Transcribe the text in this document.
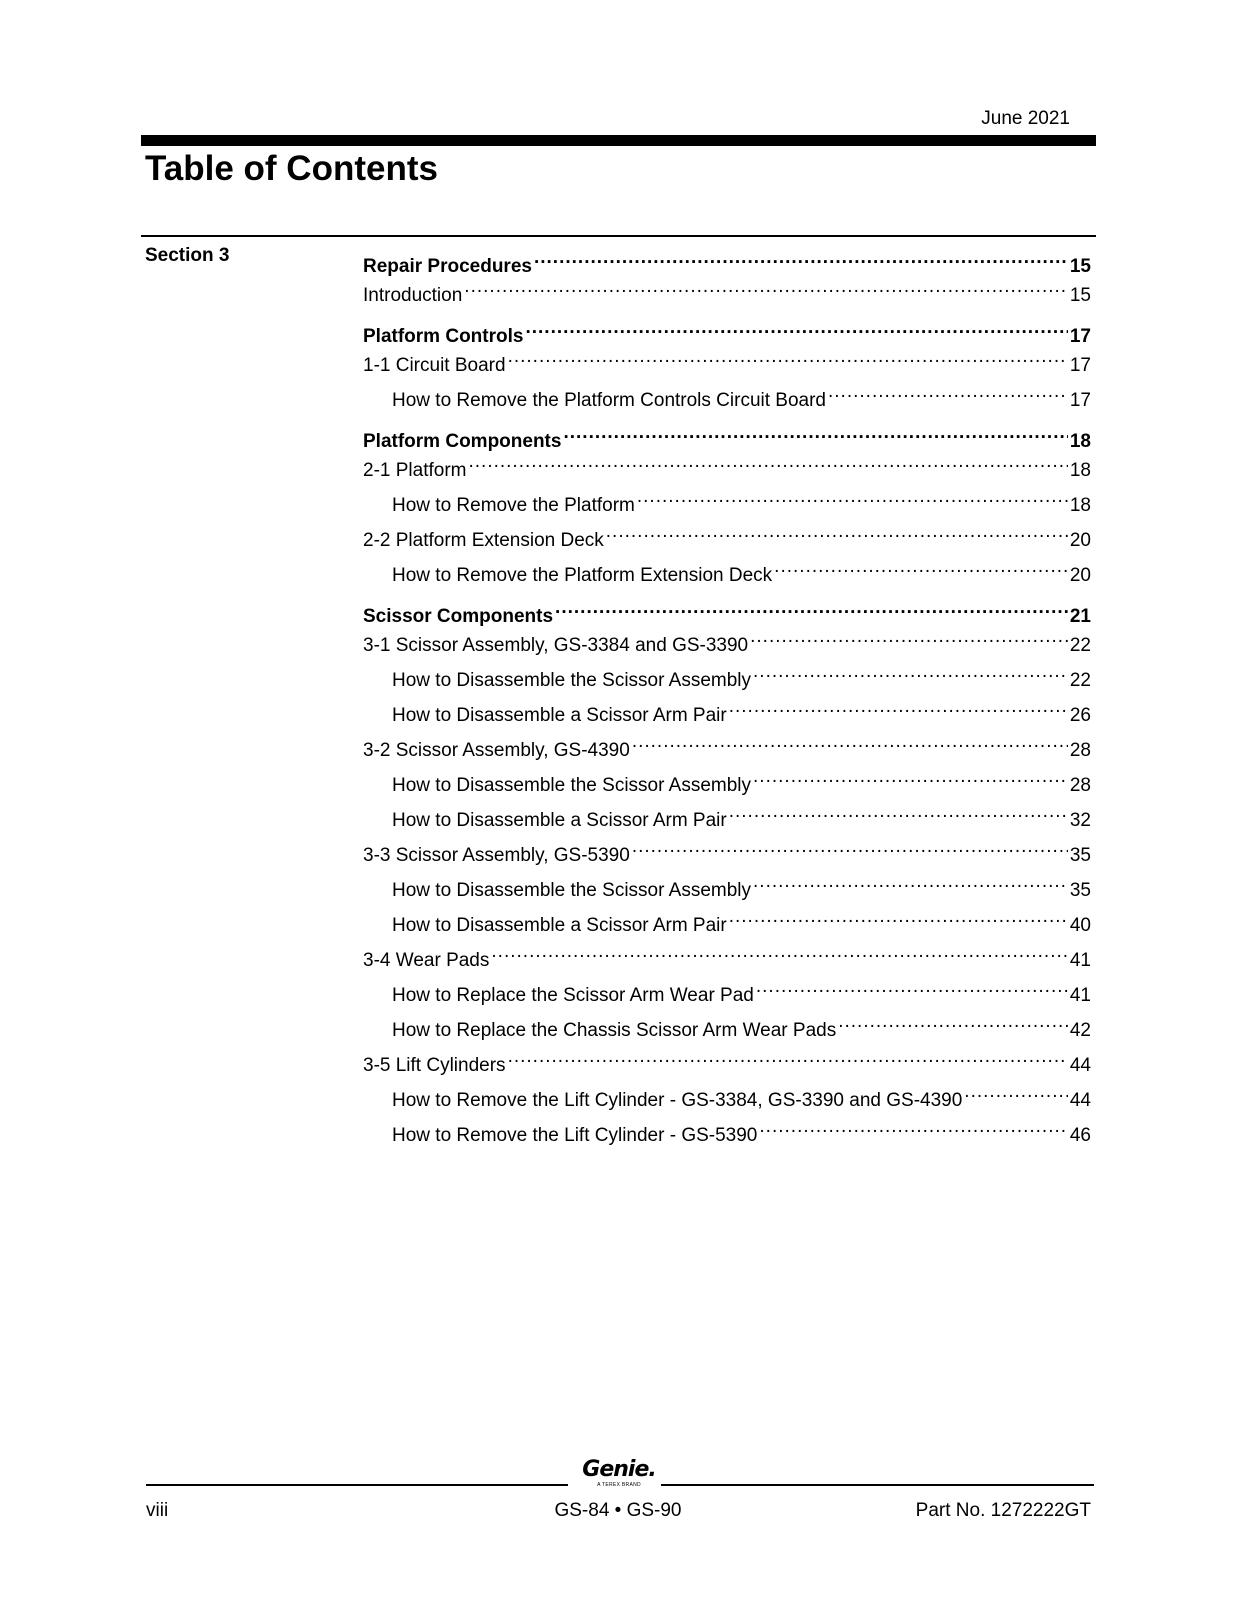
June 2021
Table of Contents
Section 3
Repair Procedures .....	15
Introduction .....	15
Platform Controls .....	17
1-1 Circuit Board .....	17
How to Remove the Platform Controls Circuit Board .....	17
Platform Components .....	18
2-1 Platform .....	18
How to Remove the Platform .....	18
2-2 Platform Extension Deck .....	20
How to Remove the Platform Extension Deck .....	20
Scissor Components .....	21
3-1 Scissor Assembly, GS-3384 and GS-3390 .....	22
How to Disassemble the Scissor Assembly .....	22
How to Disassemble a Scissor Arm Pair .....	26
3-2 Scissor Assembly, GS-4390 .....	28
How to Disassemble the Scissor Assembly .....	28
How to Disassemble a Scissor Arm Pair .....	32
3-3 Scissor Assembly, GS-5390 .....	35
How to Disassemble the Scissor Assembly .....	35
How to Disassemble a Scissor Arm Pair .....	40
3-4 Wear Pads .....	41
How to Replace the Scissor Arm Wear Pad .....	41
How to Replace the Chassis Scissor Arm Wear Pads .....	42
3-5 Lift Cylinders .....	44
How to Remove the Lift Cylinder - GS-3384, GS-3390 and GS-4390 .....	44
How to Remove the Lift Cylinder - GS-5390 .....	46
Genie.
A TEREX BRAND
viii	GS-84 • GS-90	Part No. 1272222GT
